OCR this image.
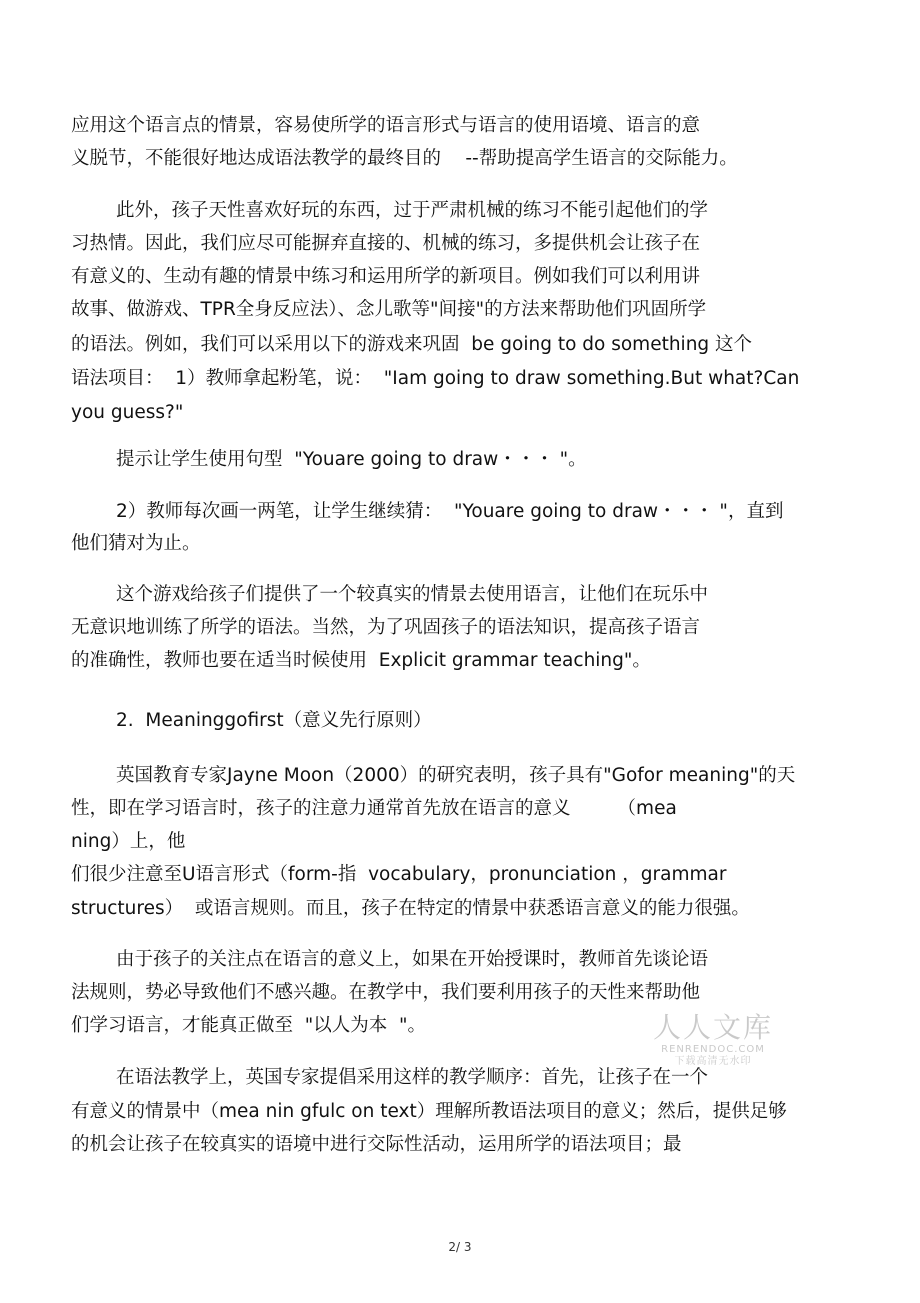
应用这个语言点的情景，容易使所学的语言形式与语言的使用语境、语言的意
义脱节，不能很好地达成语法教学的最终目的　 --帮助提高学生语言的交际能力。
此外，孩子天性喜欢好玩的东西，过于严肃机械的练习不能引起他们的学
习热情。因此，我们应尽可能摒弃直接的、机械的练习，多提供机会让孩子在
有意义的、生动有趣的情景中练习和运用所学的新项目。例如我们可以利用讲
故事、做游戏、TPR全身反应法）、念儿歌等"间接"的方法来帮助他们巩固所学
的语法。例如，我们可以采用以下的游戏来巩固  be going to do something 这个
语法项目：  1）教师拿起粉笔，说：  "Iam going to draw something.But what?Can
you guess?"
提示让学生使用句型  "Youare going to draw・・・ "。
2）教师每次画一两笔，让学生继续猜：  "Youare going to draw・・・ "，直到
他们猜对为止。
这个游戏给孩子们提供了一个较真实的情景去使用语言，让他们在玩乐中
无意识地训练了所学的语法。当然，为了巩固孩子的语法知识，提高孩子语言
的准确性，教师也要在适当时候使用  Explicit grammar teaching"。
2.  Meaninggofirst（意义先行原则）
英国教育专家Jayne Moon（2000）的研究表明，孩子具有"Gofor meaning"的天
性，即在学习语言时，孩子的注意力通常首先放在语言的意义        （mea
ning）上，他
们很少注意至U语言形式（form-指  vocabulary，pronunciation ，grammar
structures）  或语言规则。而且，孩子在特定的情景中获悉语言意义的能力很强。
由于孩子的关注点在语言的意义上，如果在开始授课时，教师首先谈论语
法规则，势必导致他们不感兴趣。在教学中，我们要利用孩子的天性来帮助他
们学习语言，才能真正做至  "以人为本  "。
在语法教学上，英国专家提倡采用这样的教学顺序：首先，让孩子在一个
有意义的情景中（mea nin gfulc on text）理解所教语法项目的意义；然后，提供足够
的机会让孩子在较真实的语境中进行交际性活动，运用所学的语法项目；最
人人文库
RENRENDOC.COM
下载高清无水印
2/ 3
